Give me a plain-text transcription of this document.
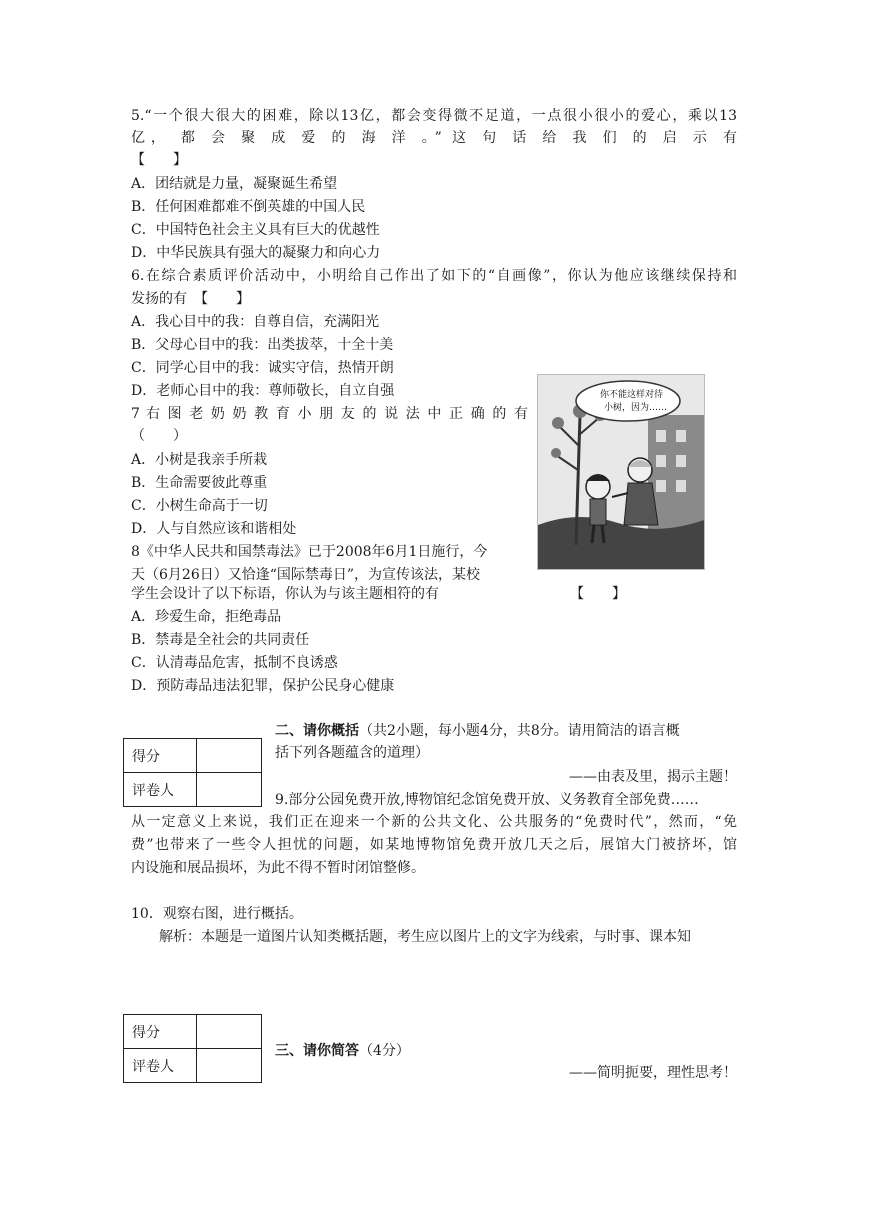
5.“一个很大很大的困难，除以13亿，都会变得微不足道，一点很小很小的爱心，乘以13
亿， 都 会 聚 成 爱 的 海 洋 。” 这 句 话 给 我 们 的 启 示 有
【　　】
A．团结就是力量，凝聚诞生希望
B．任何困难都难不倒英雄的中国人民
C．中国特色社会主义具有巨大的优越性
D．中华民族具有强大的凝聚力和向心力
6.在综合素质评价活动中，小明给自己作出了如下的“自画像”，你认为他应该继续保持和
发扬的有　【　　】
A．我心目中的我：自尊自信，充满阳光
B．父母心目中的我：出类拔萃，十全十美
C．同学心目中的我：诚实守信，热情开朗
D．老师心目中的我：尊师敬长，自立自强
7 右 图 老 奶 奶 教 育 小 朋 友 的 说 法 中 正 确 的 有
（　　）
A．小树是我亲手所栽
B．生命需要彼此尊重
C．小树生命高于一切
D．人与自然应该和谐相处
你不能这样对待
小树，因为……
8《中华人民共和国禁毒法》已于2008年6月1日施行，今
天（6月26日）又恰逢“国际禁毒日”，为宣传该法，某校
学生会设计了以下标语，你认为与该主题相符的有	【　　】
A．珍爱生命，拒绝毒品
B．禁毒是全社会的共同责任
C．认清毒品危害，抵制不良诱惑
D．预防毒品违法犯罪，保护公民身心健康
得分	
评卷人	
二、请你概括（共2小题，每小题4分，共8分。请用简洁的语言概
括下列各题蕴含的道理）
——由表及里，揭示主题！
9.部分公园免费开放,博物馆纪念馆免费开放、义务教育全部免费……
从一定意义上来说，我们正在迎来一个新的公共文化、公共服务的“免费时代”，然而，“免
费”也带来了一些令人担忧的问题，如某地博物馆免费开放几天之后，展馆大门被挤坏，馆
内设施和展品损坏，为此不得不暂时闭馆整修。
10．观察右图，进行概括。
解析：本题是一道图片认知类概括题，考生应以图片上的文字为线索，与时事、课本知
得分	
评卷人	
三、请你简答（4分）
——简明扼要，理性思考！
